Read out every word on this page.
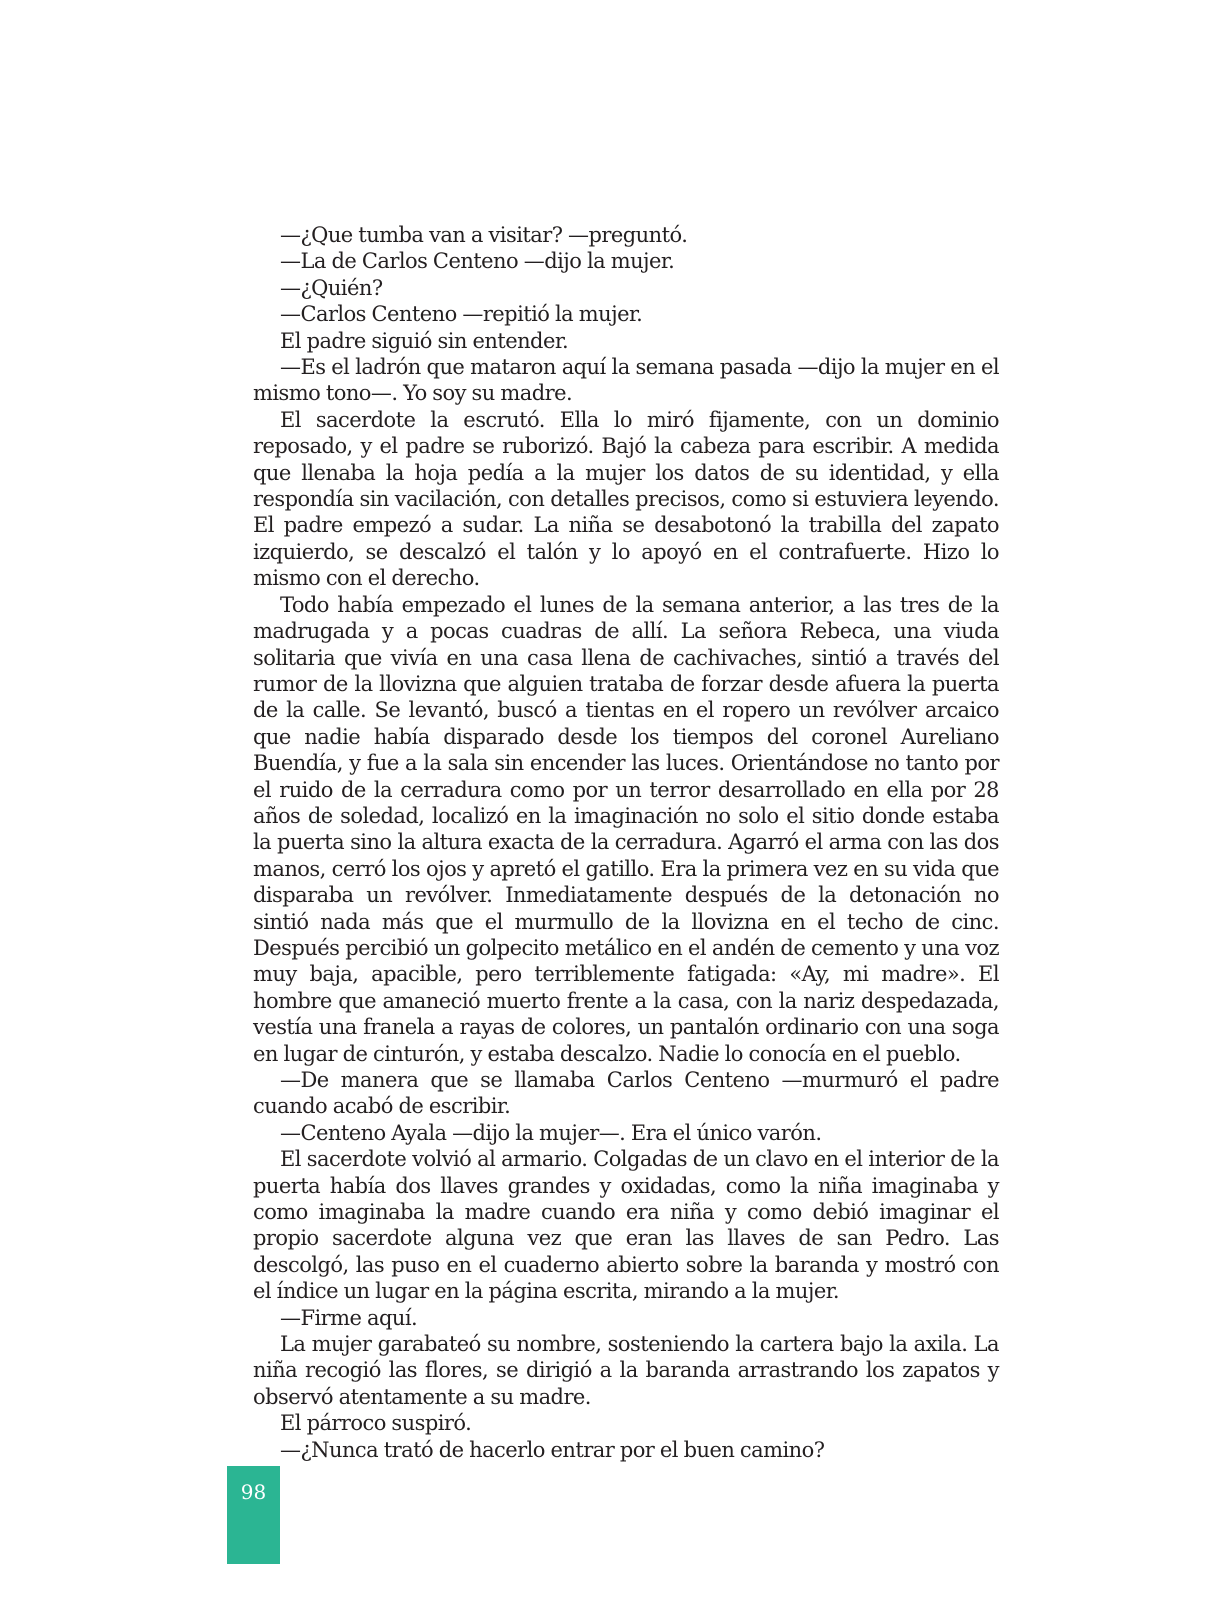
—¿Que tumba van a visitar? —preguntó.

—La de Carlos Centeno —dijo la mujer.

—¿Quién?

—Carlos Centeno —repitió la mujer.

El padre siguió sin entender.

—Es el ladrón que mataron aquí la semana pasada —dijo la mujer en el mismo tono—. Yo soy su madre.

El sacerdote la escrutó. Ella lo miró fijamente, con un dominio reposado, y el padre se ruborizó. Bajó la cabeza para escribir. A medida que llenaba la hoja pedía a la mujer los datos de su identidad, y ella respondía sin vacilación, con detalles precisos, como si estuviera leyendo. El padre empezó a sudar. La niña se desabotonó la trabilla del zapato izquierdo, se descalzó el talón y lo apoyó en el contrafuerte. Hizo lo mismo con el derecho.

Todo había empezado el lunes de la semana anterior, a las tres de la madrugada y a pocas cuadras de allí. La señora Rebeca, una viuda solitaria que vivía en una casa llena de cachivaches, sintió a través del rumor de la llovizna que alguien trataba de forzar desde afuera la puerta de la calle. Se levantó, buscó a tientas en el ropero un revólver arcaico que nadie había disparado desde los tiempos del coronel Aureliano Buendía, y fue a la sala sin encender las luces. Orientándose no tanto por el ruido de la cerradura como por un terror desarrollado en ella por 28 años de soledad, localizó en la imaginación no solo el sitio donde estaba la puerta sino la altura exacta de la cerradura. Agarró el arma con las dos manos, cerró los ojos y apretó el gatillo. Era la primera vez en su vida que disparaba un revólver. Inmediatamente después de la detonación no sintió nada más que el murmullo de la llovizna en el techo de cinc. Después percibió un golpecito metálico en el andén de cemento y una voz muy baja, apacible, pero terriblemente fatigada: «Ay, mi madre». El hombre que amaneció muerto frente a la casa, con la nariz despedazada, vestía una franela a rayas de colores, un pantalón ordinario con una soga en lugar de cinturón, y estaba descalzo. Nadie lo conocía en el pueblo.

—De manera que se llamaba Carlos Centeno —murmuró el padre cuando acabó de escribir.

—Centeno Ayala —dijo la mujer—. Era el único varón.

El sacerdote volvió al armario. Colgadas de un clavo en el interior de la puerta había dos llaves grandes y oxidadas, como la niña imaginaba y como imaginaba la madre cuando era niña y como debió imaginar el propio sacerdote alguna vez que eran las llaves de san Pedro. Las descolgó, las puso en el cuaderno abierto sobre la baranda y mostró con el índice un lugar en la página escrita, mirando a la mujer.

—Firme aquí.

La mujer garabateó su nombre, sosteniendo la cartera bajo la axila. La niña recogió las flores, se dirigió a la baranda arrastrando los zapatos y observó atentamente a su madre.

El párroco suspiró.

—¿Nunca trató de hacerlo entrar por el buen camino?

98
